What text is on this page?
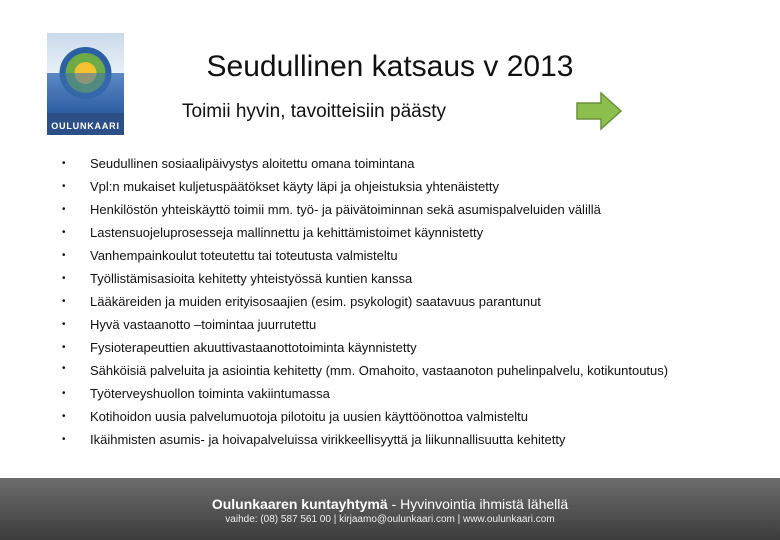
OULUNKAARI
Seudullinen katsaus v 2013
Toimii hyvin, tavoitteisiin päästy
• Seudullinen sosiaalipäivystys aloitettu omana toimintana
• Vpl:n mukaiset kuljetuspäätökset käyty läpi ja ohjeistuksia yhtenäistetty
• Henkilöstön yhteiskäyttö toimii mm. työ- ja päivätoiminnan sekä asumispalveluiden välillä
• Lastensuojeluprosesseja mallinnettu ja kehittämistoimet käynnistetty
• Vanhempainkoulut toteutettu tai toteutusta valmisteltu
• Työllistämisasioita kehitetty yhteistyössä kuntien kanssa
• Lääkäreiden ja muiden erityisosaajien (esim. psykologit) saatavuus parantunut
• Hyvä vastaanotto –toimintaa juurrutettu
• Fysioterapeuttien akuuttivastaanottotoiminta käynnistetty
• Sähköisiä palveluita ja asiointia kehitetty (mm. Omahoito, vastaanoton puhelinpalvelu, kotikuntoutus)
• Työterveyshuollon toiminta vakiintumassa
• Kotihoidon uusia palvelumuotoja pilotoitu ja uusien käyttöönottoa valmisteltu
• Ikäihmisten asumis- ja hoivapalveluissa virikkeellisyyttä ja liikunnallisuutta kehitetty
Oulunkaaren kuntayhtymä - Hyvinvointia ihmistä lähellä
vaihde: (08) 587 561 00 | kirjaamo@oulunkaari.com | www.oulunkaari.com
